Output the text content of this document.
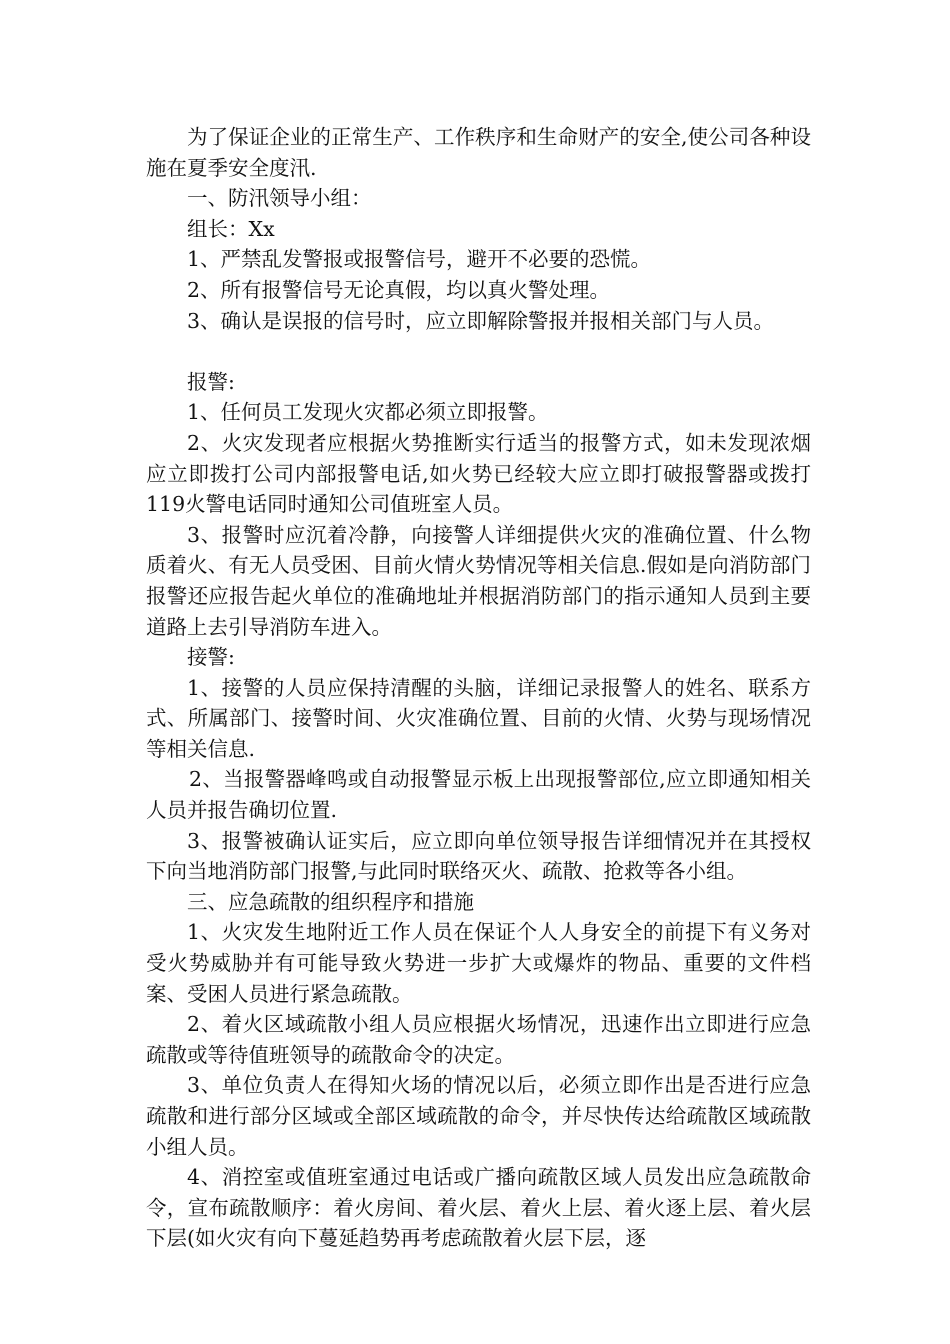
为了保证企业的正常生产、工作秩序和生命财产的安全,使公司各种设施在夏季安全度汛.

一、防汛领导小组：

组长：Xx

1、严禁乱发警报或报警信号，避开不必要的恐慌。

2、所有报警信号无论真假，均以真火警处理。

3、确认是误报的信号时，应立即解除警报并报相关部门与人员。

报警:

1、任何员工发现火灾都必须立即报警。

2、火灾发现者应根据火势推断实行适当的报警方式，如未发现浓烟应立即拨打公司内部报警电话,如火势已经较大应立即打破报警器或拨打119火警电话同时通知公司值班室人员。

3、报警时应沉着冷静，向接警人详细提供火灾的准确位置、什么物质着火、有无人员受困、目前火情火势情况等相关信息.假如是向消防部门报警还应报告起火单位的准确地址并根据消防部门的指示通知人员到主要道路上去引导消防车进入。

接警:

1、接警的人员应保持清醒的头脑，详细记录报警人的姓名、联系方式、所属部门、接警时间、火灾准确位置、目前的火情、火势与现场情况等相关信息.

2、当报警器峰鸣或自动报警显示板上出现报警部位,应立即通知相关人员并报告确切位置.

3、报警被确认证实后，应立即向单位领导报告详细情况并在其授权下向当地消防部门报警,与此同时联络灭火、疏散、抢救等各小组。

三、应急疏散的组织程序和措施

1、火灾发生地附近工作人员在保证个人人身安全的前提下有义务对受火势威胁并有可能导致火势进一步扩大或爆炸的物品、重要的文件档案、受困人员进行紧急疏散。

2、着火区域疏散小组人员应根据火场情况，迅速作出立即进行应急疏散或等待值班领导的疏散命令的决定。

3、单位负责人在得知火场的情况以后，必须立即作出是否进行应急疏散和进行部分区域或全部区域疏散的命令，并尽快传达给疏散区域疏散小组人员。

4、消控室或值班室通过电话或广播向疏散区域人员发出应急疏散命令，宣布疏散顺序：着火房间、着火层、着火上层、着火逐上层、着火层下层(如火灾有向下蔓延趋势再考虑疏散着火层下层，逐
